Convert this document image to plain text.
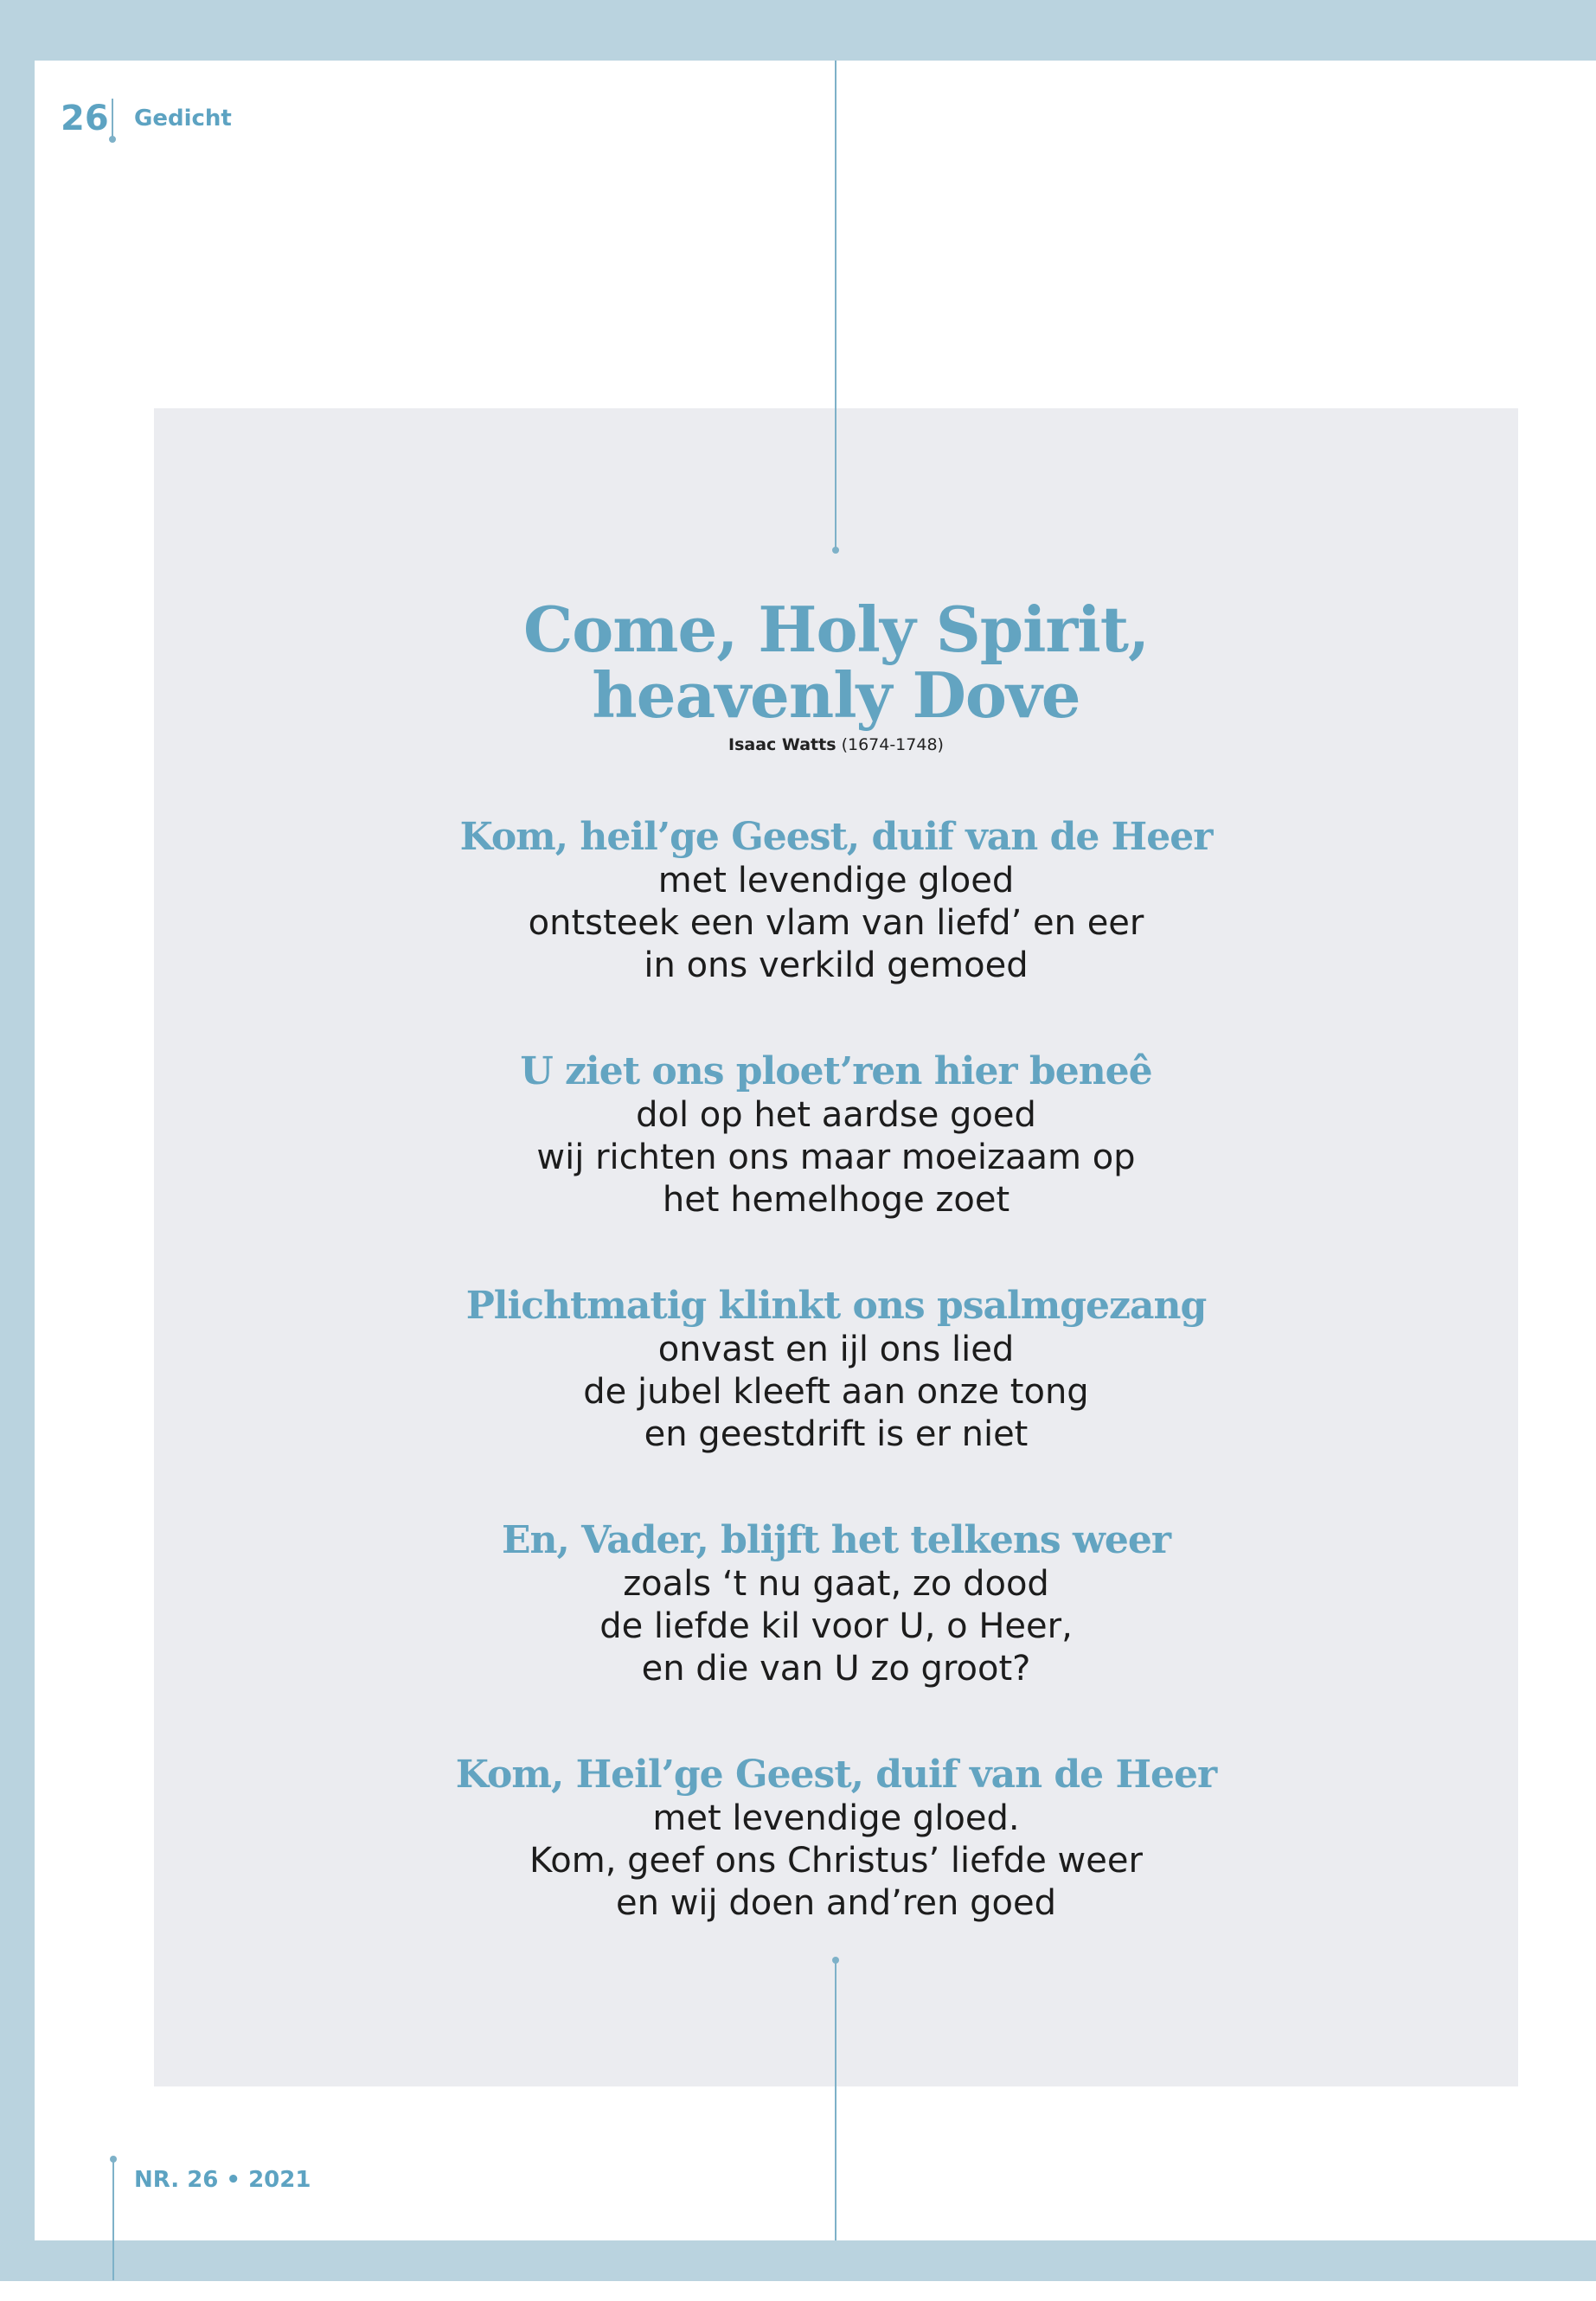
26 Gedicht
Come, Holy Spirit,
heavenly Dove
Isaac Watts (1674-1748)
Kom, heil’ge Geest, duif van de Heer
met levendige gloed
ontsteek een vlam van liefd’ en eer
in ons verkild gemoed
U ziet ons ploet’ren hier beneê
dol op het aardse goed
wij richten ons maar moeizaam op
het hemelhoge zoet
Plichtmatig klinkt ons psalmgezang
onvast en ijl ons lied
de jubel kleeft aan onze tong
en geestdrift is er niet
En, Vader, blijft het telkens weer
zoals ‘t nu gaat, zo dood
de liefde kil voor U, o Heer,
en die van U zo groot?
Kom, Heil’ge Geest, duif van de Heer
met levendige gloed.
Kom, geef ons Christus’ liefde weer
en wij doen and’ren goed
NR. 26 • 2021
